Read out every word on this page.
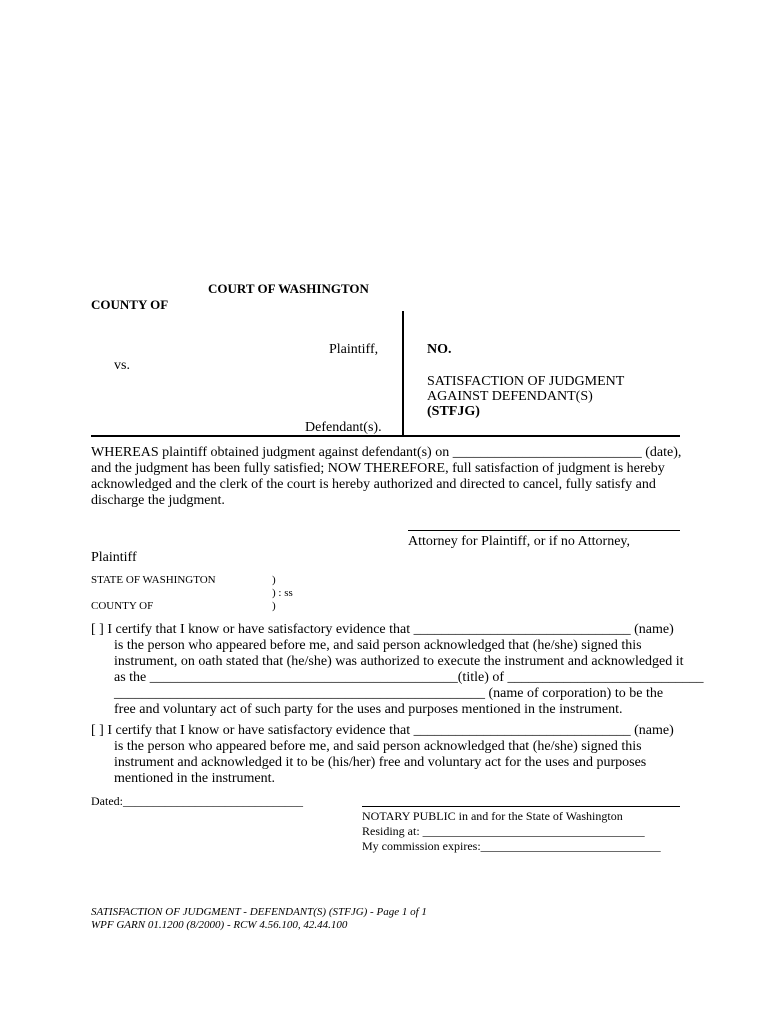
COURT OF WASHINGTON
COUNTY OF
Plaintiff,
vs.
Defendant(s).
NO.
SATISFACTION OF JUDGMENT
AGAINST DEFENDANT(S)
(STFJG)
WHEREAS plaintiff obtained judgment against defendant(s) on ___________________________ (date),
and the judgment has been fully satisfied; NOW THEREFORE, full satisfaction of judgment is hereby
acknowledged and the clerk of the court is hereby authorized and directed to cancel, fully satisfy and
discharge the judgment.
Attorney for Plaintiff, or if no Attorney,
Plaintiff
STATE OF WASHINGTON
COUNTY OF
)
) : ss
)
[ ] I certify that I know or have satisfactory evidence that _______________________________ (name)
is the person who appeared before me, and said person acknowledged that (he/she) signed this
instrument, on oath stated that (he/she) was authorized to execute the instrument and acknowledged it
as the ____________________________________________(title) of ____________________________
_____________________________________________________ (name of corporation) to be the
free and voluntary act of such party for the uses and purposes mentioned in the instrument.
[ ] I certify that I know or have satisfactory evidence that _______________________________ (name)
is the person who appeared before me, and said person acknowledged that (he/she) signed this
instrument and acknowledged it to be (his/her) free and voluntary act for the uses and purposes
mentioned in the instrument.
Dated:______________________________
NOTARY PUBLIC in and for the State of Washington
Residing at: _____________________________________
My commission expires:______________________________
SATISFACTION OF JUDGMENT - DEFENDANT(S) (STFJG) - Page 1 of 1
WPF GARN 01.1200 (8/2000) - RCW 4.56.100, 42.44.100
